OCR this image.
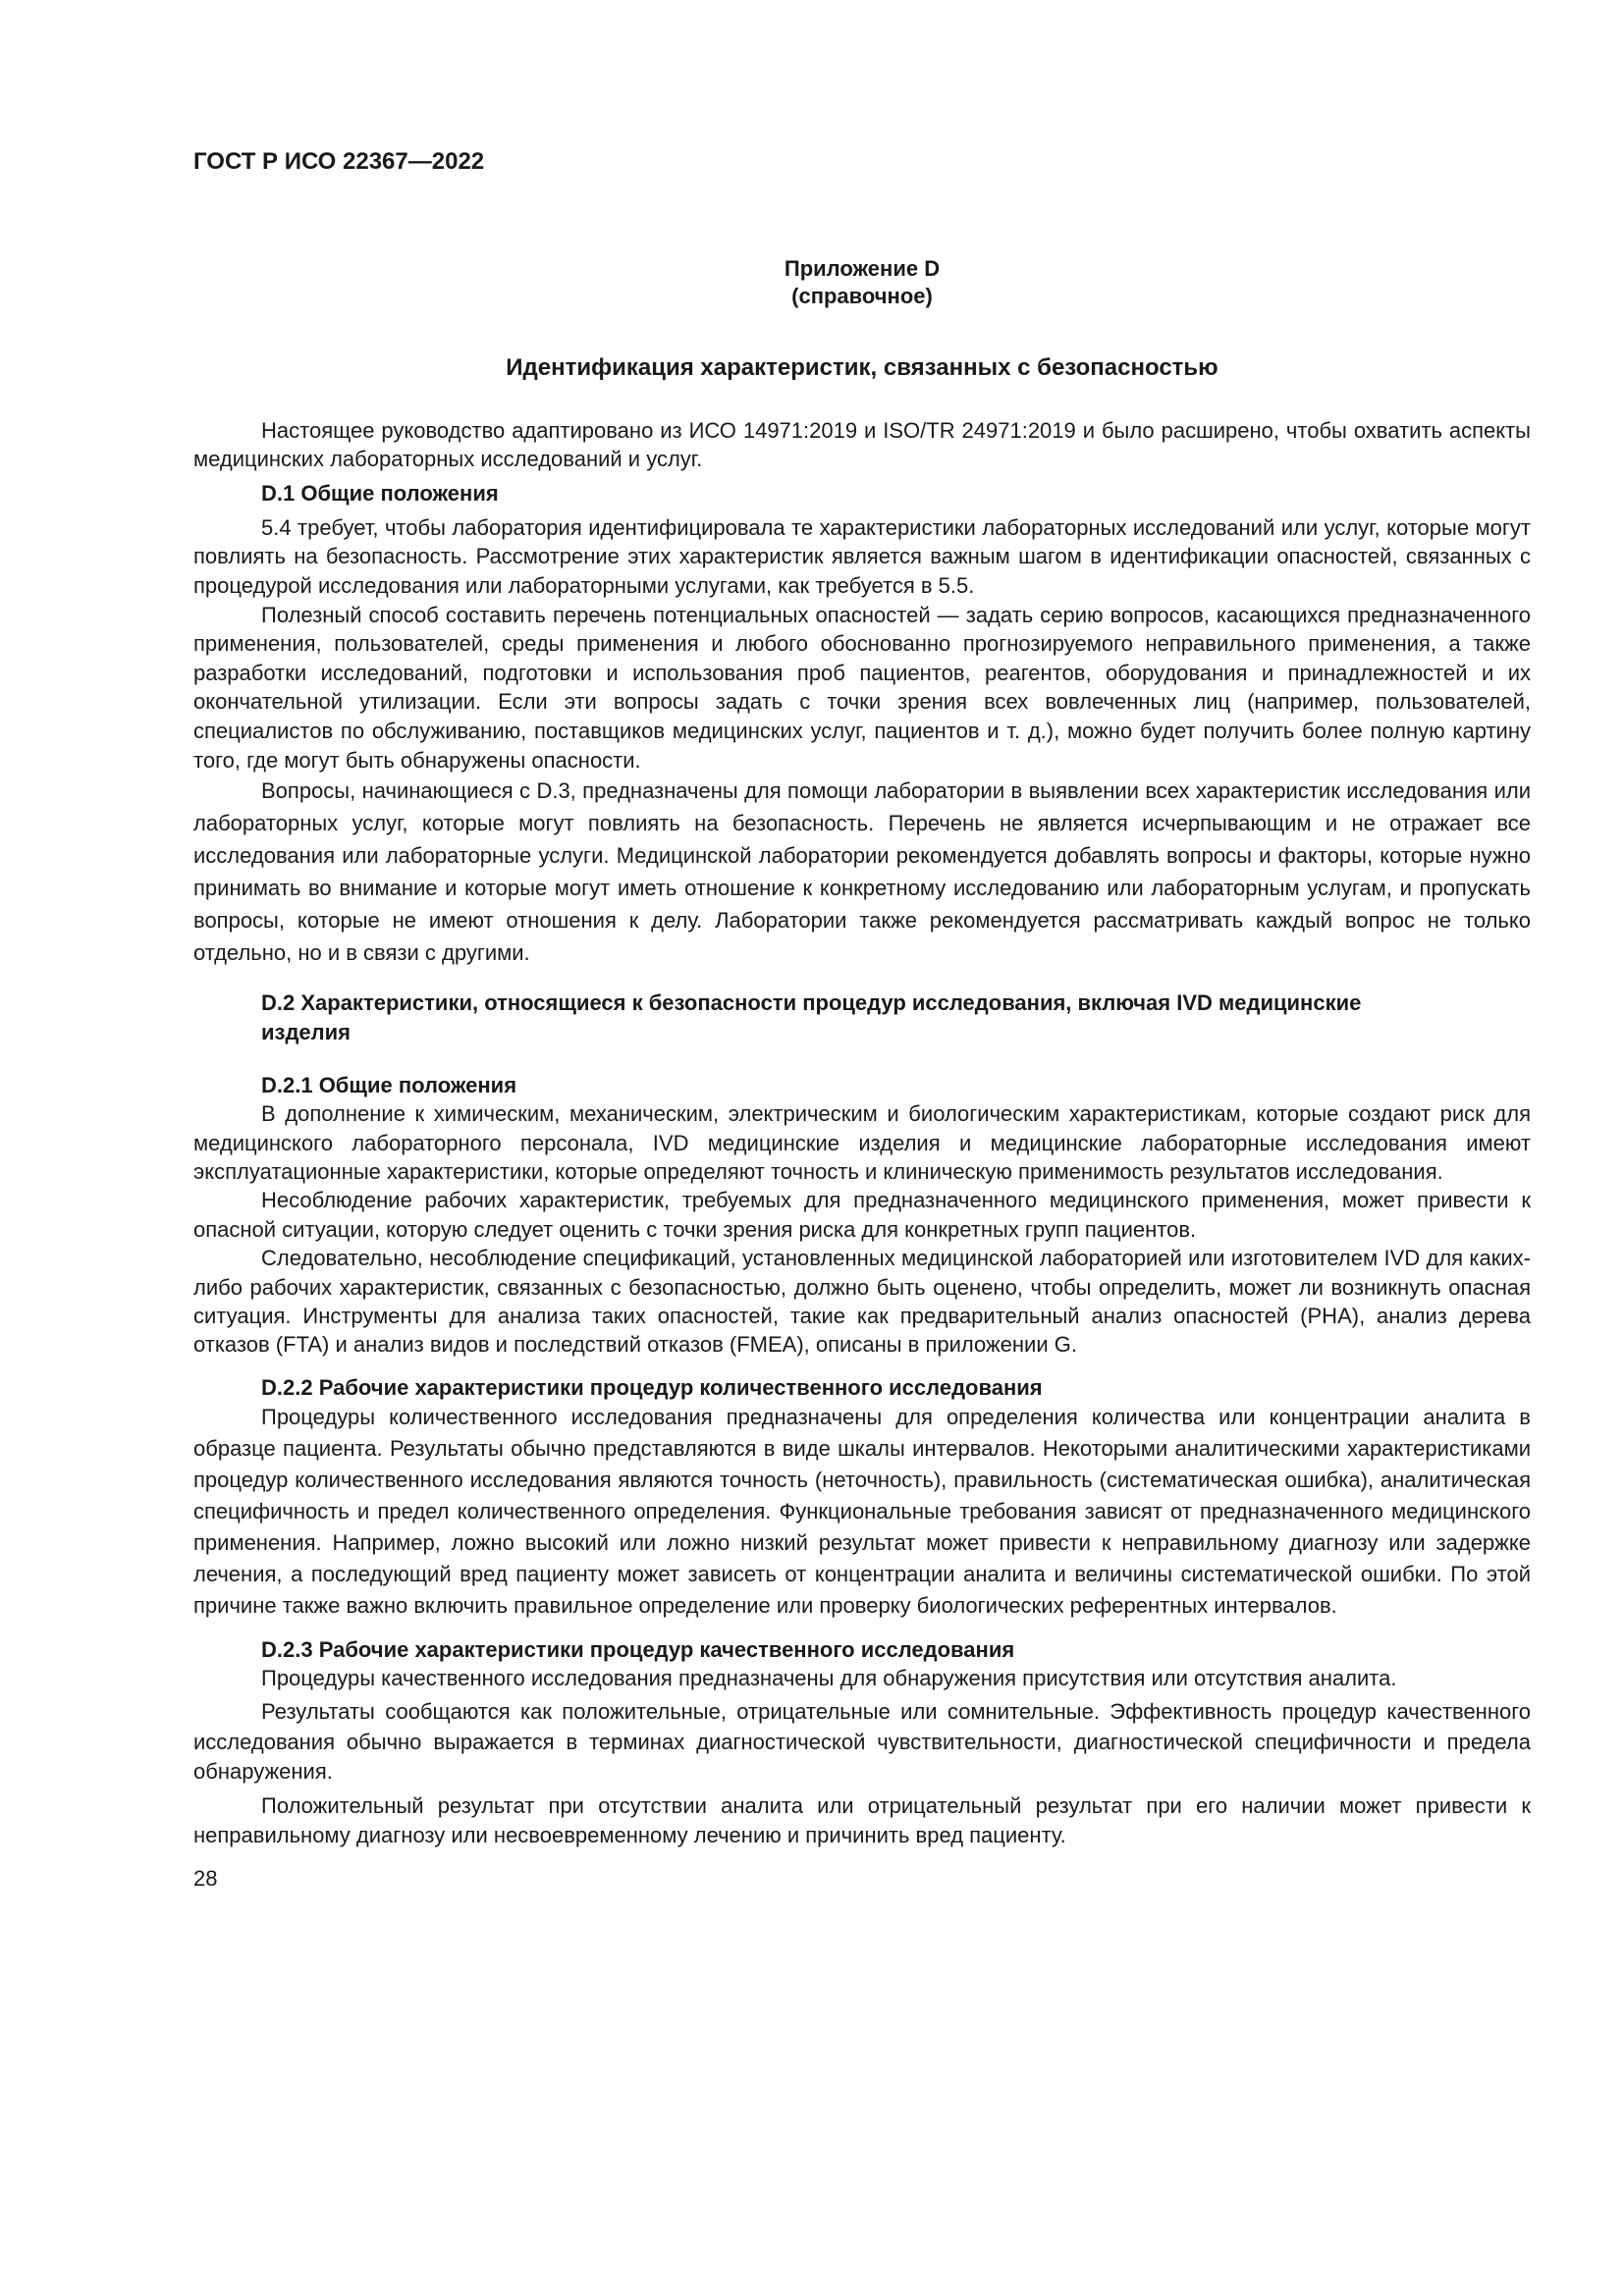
ГОСТ Р ИСО 22367—2022
Приложение D
(справочное)
Идентификация характеристик, связанных с безопасностью

Настоящее руководство адаптировано из ИСО 14971:2019 и ISO/TR 24971:2019 и было расширено, чтобы охватить аспекты медицинских лабораторных исследований и услуг.

D.1 Общие положения

5.4 требует, чтобы лаборатория идентифицировала те характеристики лабораторных исследований или услуг, которые могут повлиять на безопасность. Рассмотрение этих характеристик является важным шагом в идентификации опасностей, связанных с процедурой исследования или лабораторными услугами, как требуется в 5.5.

Полезный способ составить перечень потенциальных опасностей — задать серию вопросов, касающихся предназначенного применения, пользователей, среды применения и любого обоснованно прогнозируемого неправильного применения, а также разработки исследований, подготовки и использования проб пациентов, реагентов, оборудования и принадлежностей и их окончательной утилизации. Если эти вопросы задать с точки зрения всех вовлеченных лиц (например, пользователей, специалистов по обслуживанию, поставщиков медицинских услуг, пациентов и т. д.), можно будет получить более полную картину того, где могут быть обнаружены опасности.

Вопросы, начинающиеся с D.3, предназначены для помощи лаборатории в выявлении всех характеристик исследования или лабораторных услуг, которые могут повлиять на безопасность. Перечень не является исчерпывающим и не отражает все исследования или лабораторные услуги. Медицинской лаборатории рекомендуется добавлять вопросы и факторы, которые нужно принимать во внимание и которые могут иметь отношение к конкретному исследованию или лабораторным услугам, и пропускать вопросы, которые не имеют отношения к делу. Лаборатории также рекомендуется рассматривать каждый вопрос не только отдельно, но и в связи с другими.

D.2 Характеристики, относящиеся к безопасности процедур исследования, включая IVD медицинские
изделия
D.2.1 Общие положения

В дополнение к химическим, механическим, электрическим и биологическим характеристикам, которые создают риск для медицинского лабораторного персонала, IVD медицинские изделия и медицинские лабораторные исследования имеют эксплуатационные характеристики, которые определяют точность и клиническую применимость результатов исследования.

Несоблюдение рабочих характеристик, требуемых для предназначенного медицинского применения, может привести к опасной ситуации, которую следует оценить с точки зрения риска для конкретных групп пациентов.

Следовательно, несоблюдение спецификаций, установленных медицинской лабораторией или изготовителем IVD для каких-либо рабочих характеристик, связанных с безопасностью, должно быть оценено, чтобы определить, может ли возникнуть опасная ситуация. Инструменты для анализа таких опасностей, такие как предварительный анализ опасностей (PHA), анализ дерева отказов (FTA) и анализ видов и последствий отказов (FMEA), описаны в приложении G.

D.2.2 Рабочие характеристики процедур количественного исследования

Процедуры количественного исследования предназначены для определения количества или концентрации аналита в образце пациента. Результаты обычно представляются в виде шкалы интервалов. Некоторыми аналитическими характеристиками процедур количественного исследования являются точность (неточность), правильность (систематическая ошибка), аналитическая специфичность и предел количественного определения. Функциональные требования зависят от предназначенного медицинского применения. Например, ложно высокий или ложно низкий результат может привести к неправильному диагнозу или задержке лечения, а последующий вред пациенту может зависеть от концентрации аналита и величины систематической ошибки. По этой причине также важно включить правильное определение или проверку биологических референтных интервалов.

D.2.3 Рабочие характеристики процедур качественного исследования

Процедуры качественного исследования предназначены для обнаружения присутствия или отсутствия аналита.

Результаты сообщаются как положительные, отрицательные или сомнительные. Эффективность процедур качественного исследования обычно выражается в терминах диагностической чувствительности, диагностической специфичности и предела обнаружения.

Положительный результат при отсутствии аналита или отрицательный результат при его наличии может привести к неправильному диагнозу или несвоевременному лечению и причинить вред пациенту.

28
